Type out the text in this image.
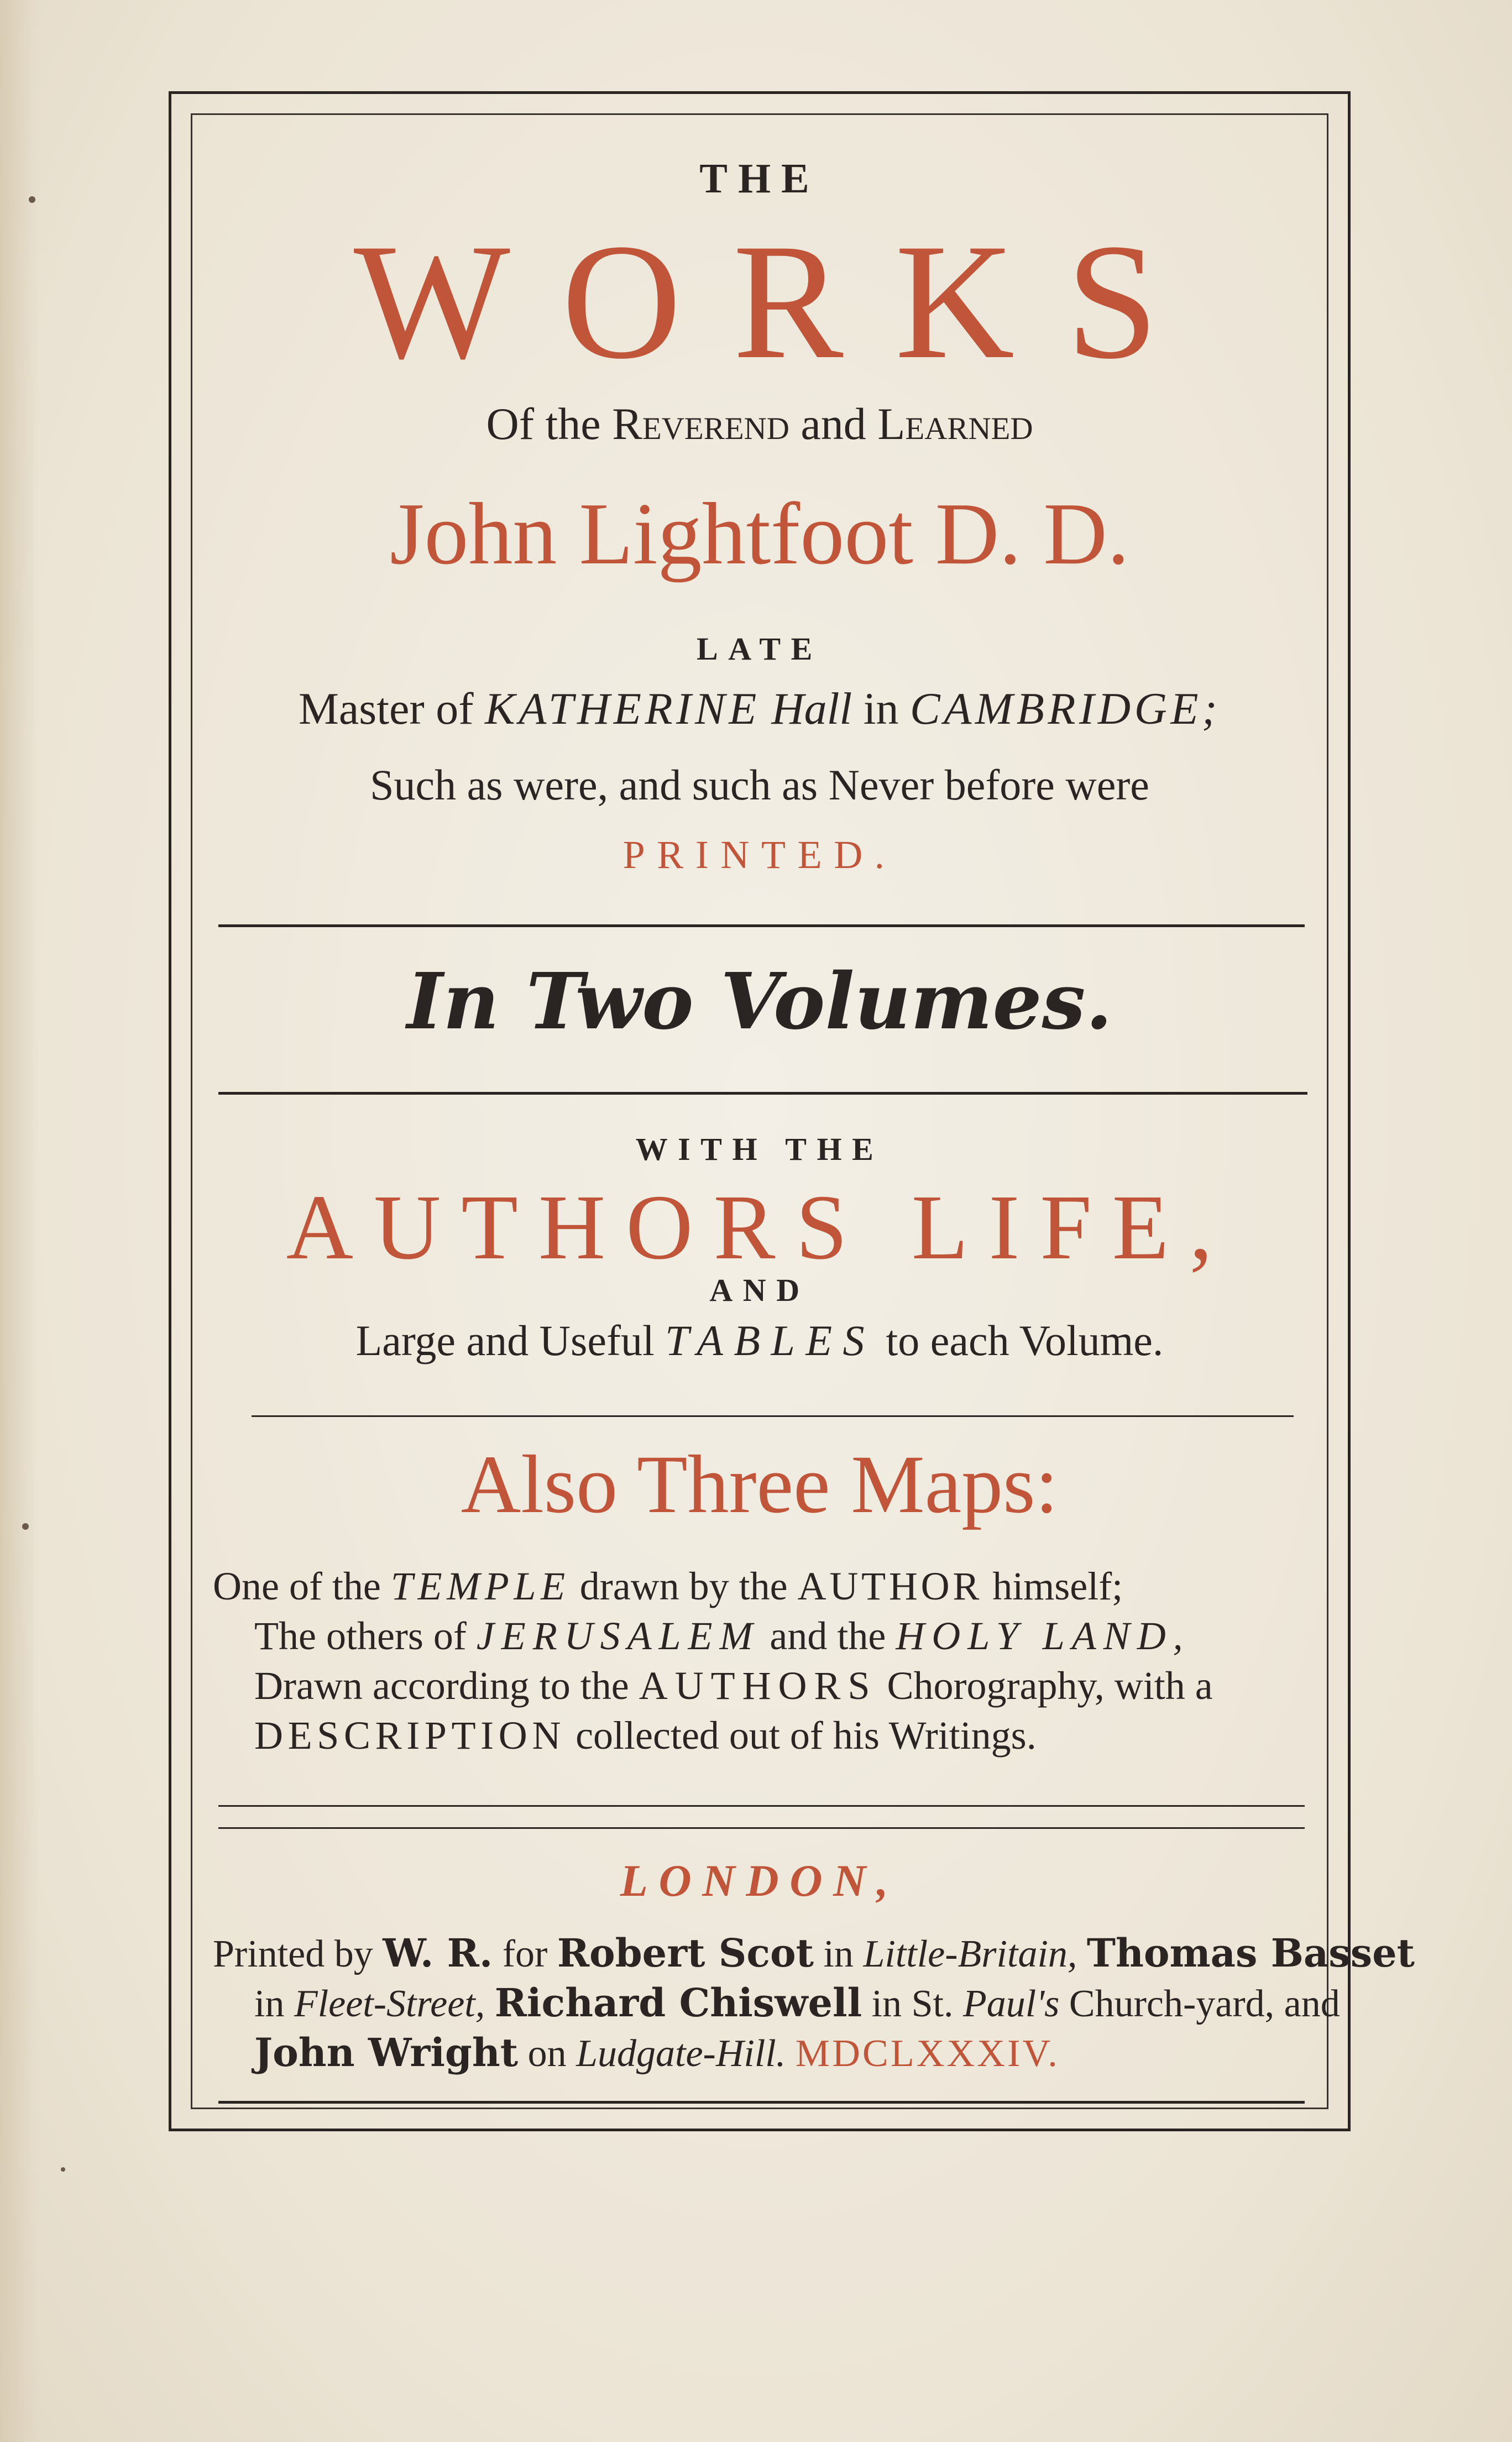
THE
WORKS
Of the Reverend and Learned
John Lightfoot D. D.
LATE
Master of KATHERINE Hall in CAMBRIDGE;
Such as were, and such as Never before were
PRINTED.
In Two Volumes.
WITH THE
AUTHORS LIFE,
AND
Large and Useful TABLES to each Volume.
Also Three Maps:
One of the TEMPLE drawn by the AUTHOR himself;
The others of JERUSALEM and the HOLY LAND,
Drawn according to the AUTHORS Chorography, with a
DESCRIPTION collected out of his Writings.
LONDON,
Printed by W. R. for Robert Scot in Little-Britain, Thomas Basset
in Fleet-Street, Richard Chiswell in St. Paul's Church-yard, and
John Wright on Ludgate-Hill. MDCLXXXIV.
